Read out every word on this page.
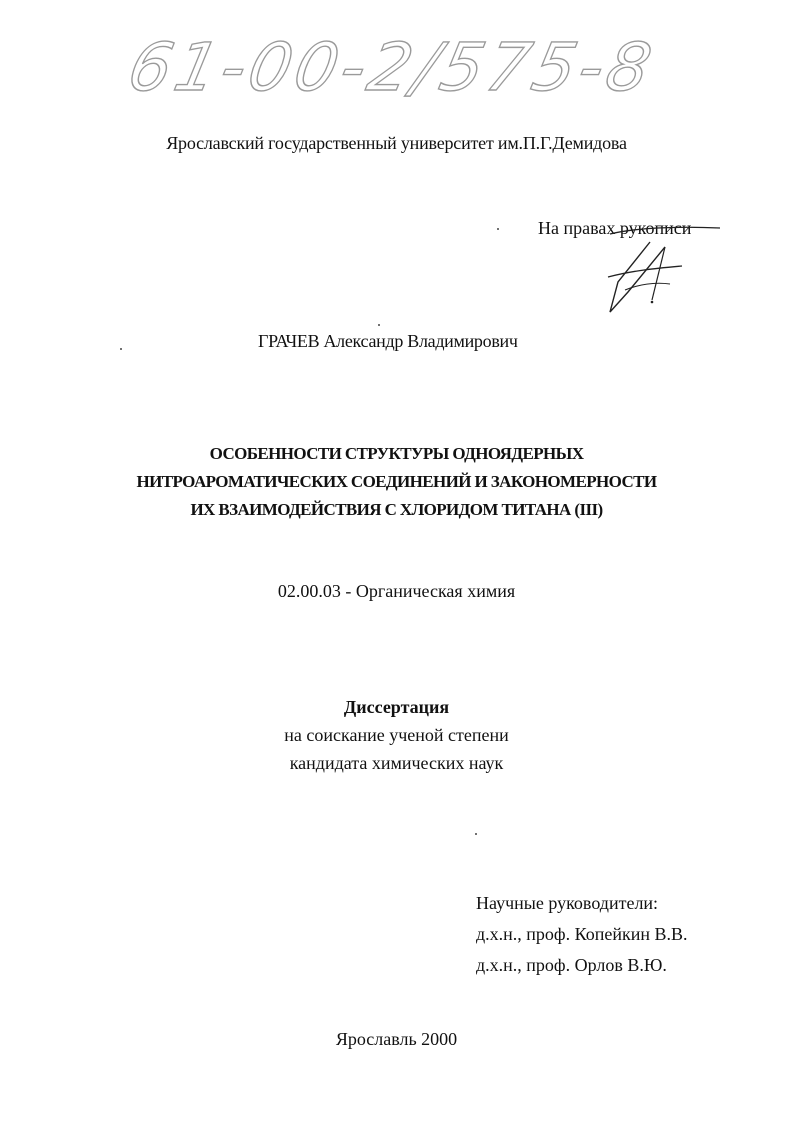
61-00-2/575-8
Ярославский государственный университет им.П.Г.Демидова
На правах рукописи
ГРАЧЕВ Александр Владимирович
ОСОБЕННОСТИ СТРУКТУРЫ ОДНОЯДЕРНЫХ
НИТРОАРОМАТИЧЕСКИХ СОЕДИНЕНИЙ И ЗАКОНОМЕРНОСТИ
ИХ ВЗАИМОДЕЙСТВИЯ С ХЛОРИДОМ ТИТАНА (III)
02.00.03 - Органическая химия
Диссертация
на соискание ученой степени
кандидата химических наук
Научные руководители:
д.х.н., проф. Копейкин В.В.
д.х.н., проф. Орлов В.Ю.
Ярославль 2000
